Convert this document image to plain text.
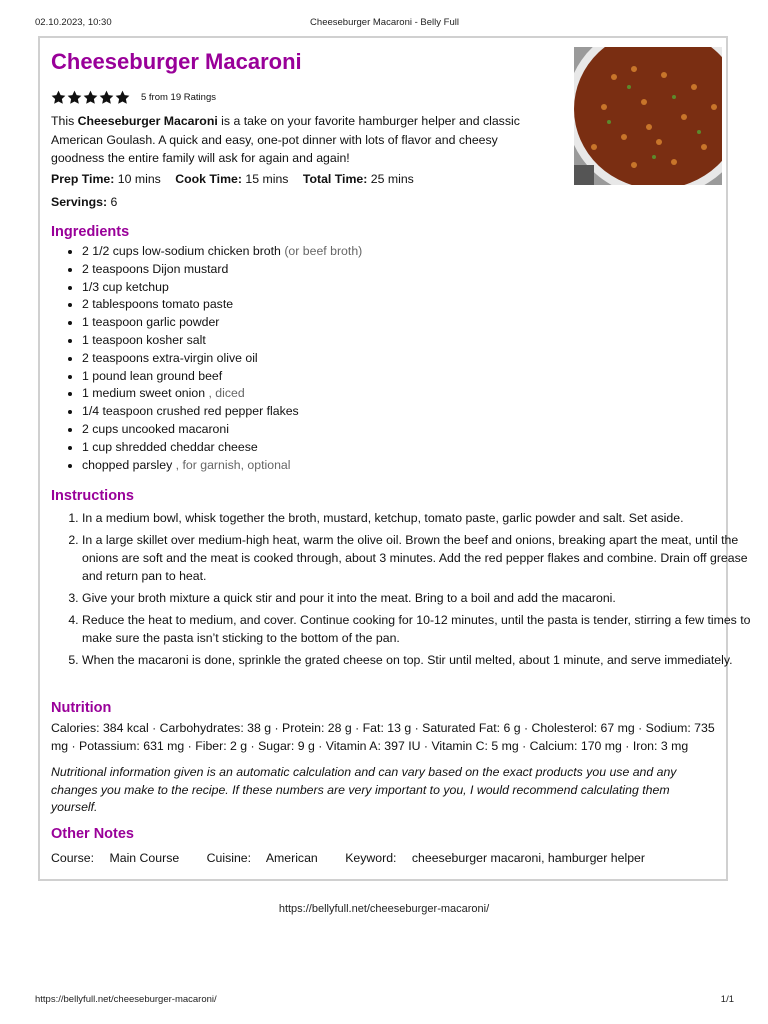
02.10.2023, 10:30	Cheeseburger Macaroni - Belly Full
Cheeseburger Macaroni
5 from 19 Ratings
This Cheeseburger Macaroni is a take on your favorite hamburger helper and classic American Goulash. A quick and easy, one-pot dinner with lots of flavor and cheesy goodness the entire family will ask for again and again!
Prep Time: 10 mins Cook Time: 15 mins Total Time: 25 mins
Servings: 6
Ingredients
• 2 1/2 cups low-sodium chicken broth (or beef broth)
• 2 teaspoons Dijon mustard
• 1/3 cup ketchup
• 2 tablespoons tomato paste
• 1 teaspoon garlic powder
• 1 teaspoon kosher salt
• 2 teaspoons extra-virgin olive oil
• 1 pound lean ground beef
• 1 medium sweet onion , diced
• 1/4 teaspoon crushed red pepper flakes
• 2 cups uncooked macaroni
• 1 cup shredded cheddar cheese
• chopped parsley , for garnish, optional
Instructions
1. In a medium bowl, whisk together the broth, mustard, ketchup, tomato paste, garlic powder and salt. Set aside.
2. In a large skillet over medium-high heat, warm the olive oil. Brown the beef and onions, breaking apart the meat, until the onions are soft and the meat is cooked through, about 3 minutes. Add the red pepper flakes and combine. Drain off grease and return pan to heat.
3. Give your broth mixture a quick stir and pour it into the meat. Bring to a boil and add the macaroni.
4. Reduce the heat to medium, and cover. Continue cooking for 10-12 minutes, until the pasta is tender, stirring a few times to make sure the pasta isn’t sticking to the bottom of the pan.
5. When the macaroni is done, sprinkle the grated cheese on top. Stir until melted, about 1 minute, and serve immediately.
Nutrition
Calories: 384 kcal · Carbohydrates: 38 g · Protein: 28 g · Fat: 13 g · Saturated Fat: 6 g · Cholesterol: 67 mg · Sodium: 735 mg · Potassium: 631 mg · Fiber: 2 g · Sugar: 9 g · Vitamin A: 397 IU · Vitamin C: 5 mg · Calcium: 170 mg · Iron: 3 mg
Nutritional information given is an automatic calculation and can vary based on the exact products you use and any changes you make to the recipe. If these numbers are very important to you, I would recommend calculating them yourself.
Other Notes
Course: Main Course Cuisine: American Keyword: cheeseburger macaroni, hamburger helper
https://bellyfull.net/cheeseburger-macaroni/
https://bellyfull.net/cheeseburger-macaroni/	1/1
